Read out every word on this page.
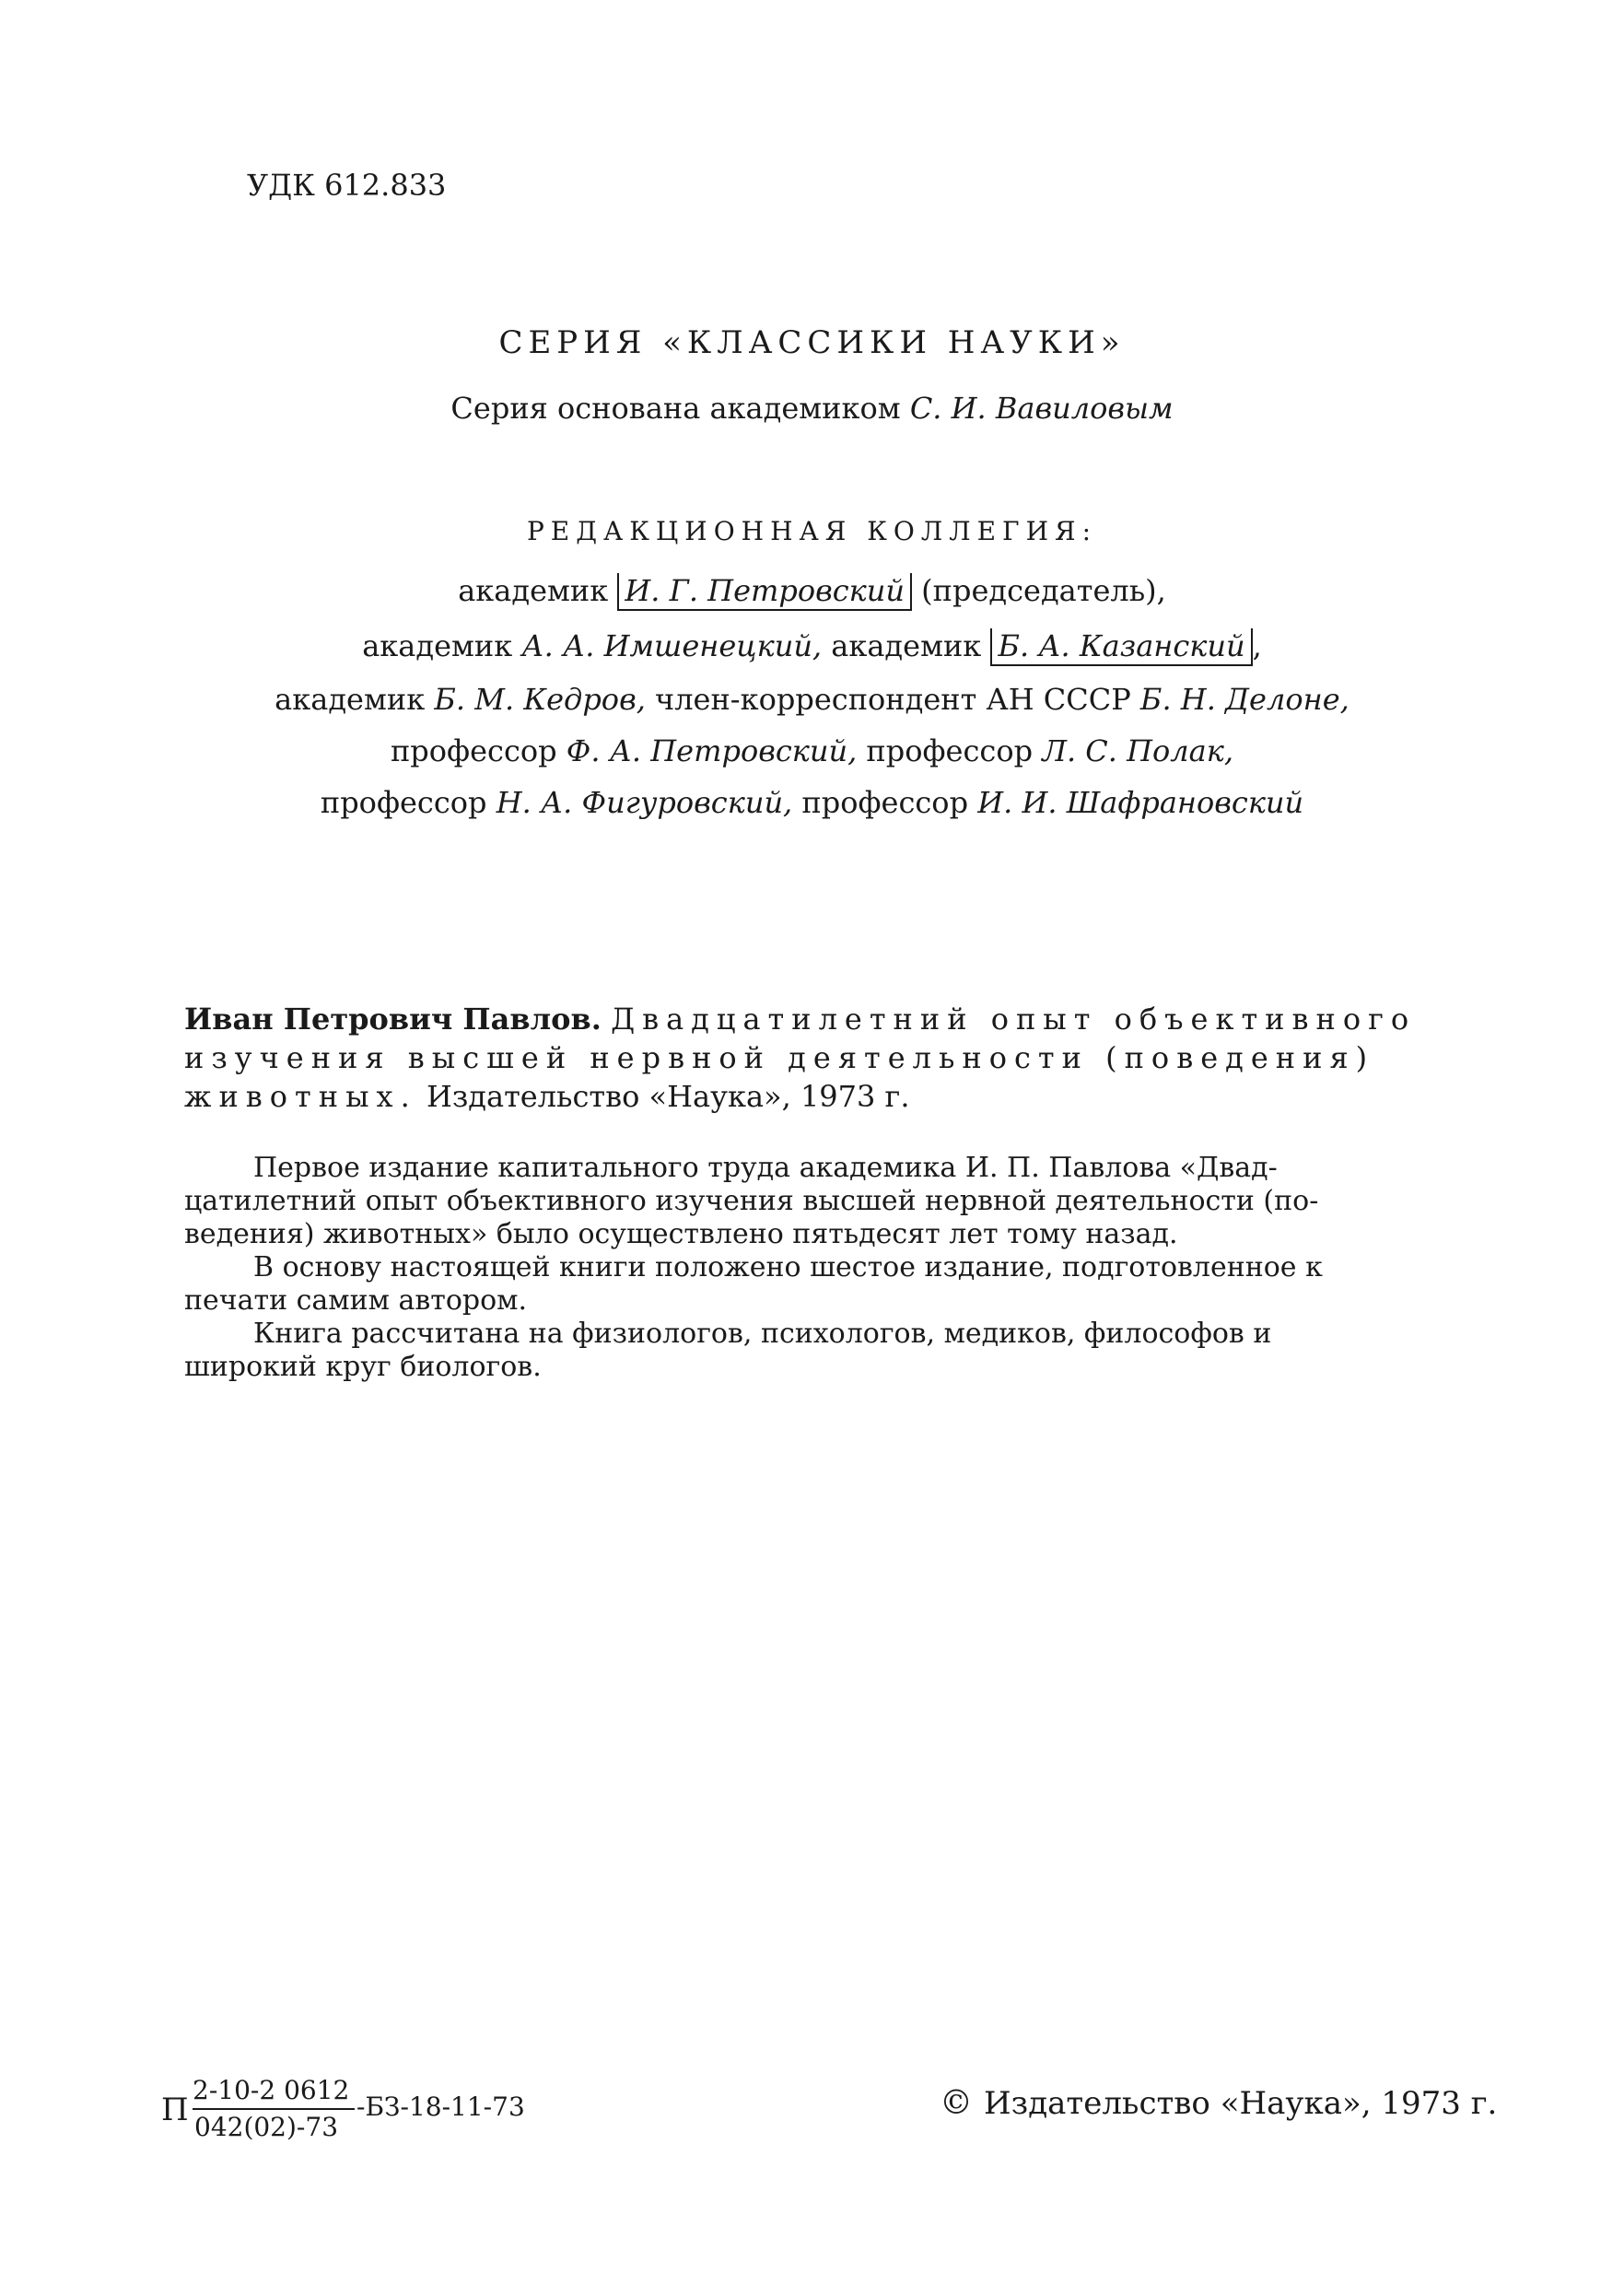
УДК 612.833
СЕРИЯ «КЛАССИКИ НАУКИ»
Серия основана академиком С. И. Вавиловым
РЕДАКЦИОННАЯ КОЛЛЕГИЯ:
академик И. Г. Петровский (председатель),
академик А. А. Имшенецкий, академик Б. А. Казанский ,
академик Б. М. Кедров, член-корреспондент АН СССР Б. Н. Делоне,
профессор Ф. А. Петровский, профессор Л. С. Полак,
профессор Н. А. Фигуровский, профессор И. И. Шафрановский
Иван Петрович Павлов. Двадцатилетний опыт объективного
изучения высшей нервной деятельности (поведения)
животных. Издательство «Наука», 1973 г.
Первое издание капитального труда академика И. П. Павлова «Двад-
цатилетний опыт объективного изучения высшей нервной деятельности (по-
ведения) животных» было осуществлено пятьдесят лет тому назад.
В основу настоящей книги положено шестое издание, подготовленное к
печати самим автором.
Книга рассчитана на физиологов, психологов, медиков, философов и
широкий круг биологов.
П
2-10-2 0612
042(02)-73
-БЗ-18-11-73	© Издательство «Наука», 1973 г.
